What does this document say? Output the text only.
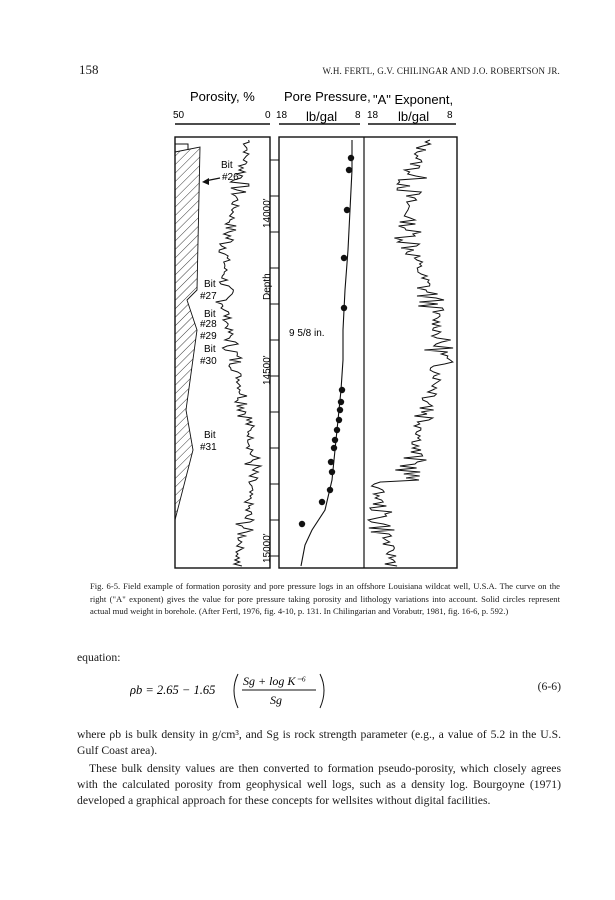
158	W.H. FERTL, G.V. CHILINGAR AND J.O. ROBERTSON JR.
Porosity, % Pore Pressure, "A" Exponent,
50	0 18 lb/gal 8 18 lb/gal 8
14000'
Depth
14500'
15000'
Bit
#26
Bit
#27
Bit
#28
#29
Bit
#30
Bit
#31
9 5/8 in.
Fig. 6-5. Field example of formation porosity and pore pressure logs in an offshore Louisiana wildcat well, U.S.A. The curve on the right ("A" exponent) gives the value for pore pressure taking porosity and lithology variations into account. Solid circles represent actual mud weight in borehole. (After Fertl, 1976, fig. 4-10, p. 131. In Chilingarian and Vorabutr, 1981, fig. 16-6, p. 592.)
equation:
ρb = 2.65 − 1.65
Sg + log K⁻⁶
Sg
(6-6)
where ρb is bulk density in g/cm³, and Sg is rock strength parameter (e.g., a value of 5.2 in the U.S. Gulf Coast area).
These bulk density values are then converted to formation pseudo-porosity, which closely agrees with the calculated porosity from geophysical well logs, such as a density log. Bourgoyne (1971) developed a graphical approach for these concepts for wellsites without digital facilities.
